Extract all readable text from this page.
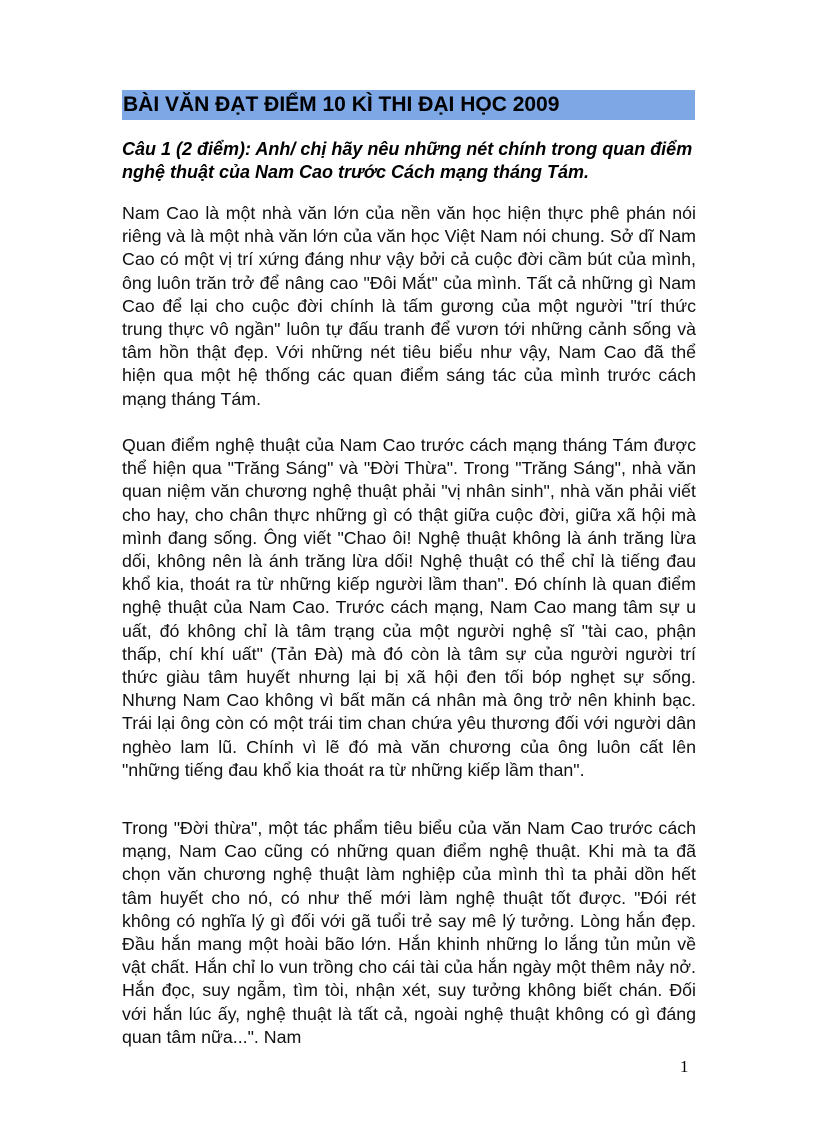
BÀI VĂN ĐẠT ĐIỂM 10 KÌ THI ĐẠI HỌC 2009
Câu 1 (2 điểm): Anh/ chị hãy nêu những nét chính trong quan điểm nghệ thuật của Nam Cao trước Cách mạng tháng Tám.
Nam Cao là một nhà văn lớn của nền văn học hiện thực phê phán nói riêng và là một nhà văn lớn của văn học Việt Nam nói chung. Sở dĩ Nam Cao có một vị trí xứng đáng như vậy bởi cả cuộc đời cầm bút của mình, ông luôn trăn trở để nâng cao "Đôi Mắt" của mình. Tất cả những gì Nam Cao để lại cho cuộc đời chính là tấm gương của một người "trí thức trung thực vô ngần" luôn tự đấu tranh để vươn tới những cảnh sống và tâm hồn thật đẹp. Với những nét tiêu biểu như vậy, Nam Cao đã thể hiện qua một hệ thống các quan điểm sáng tác của mình trước cách mạng tháng Tám.
Quan điểm nghệ thuật của Nam Cao trước cách mạng tháng Tám được thể hiện qua "Trăng Sáng" và "Đời Thừa". Trong "Trăng Sáng", nhà văn quan niệm văn chương nghệ thuật phải "vị nhân sinh", nhà văn phải viết cho hay, cho chân thực những gì có thật giữa cuộc đời, giữa xã hội mà mình đang sống. Ông viết "Chao ôi! Nghệ thuật không là ánh trăng lừa dối, không nên là ánh trăng lừa dối! Nghệ thuật có thể chỉ là tiếng đau khổ kia, thoát ra từ những kiếp người lầm than". Đó chính là quan điểm nghệ thuật của Nam Cao. Trước cách mạng, Nam Cao mang tâm sự u uất, đó không chỉ là tâm trạng của một người nghệ sĩ "tài cao, phận thấp, chí khí uất" (Tản Đà) mà đó còn là tâm sự của người người trí thức giàu tâm huyết nhưng lại bị xã hội đen tối bóp nghẹt sự sống. Nhưng Nam Cao không vì bất mãn cá nhân mà ông trở nên khinh bạc. Trái lại ông còn có một trái tim chan chứa yêu thương đối với người dân nghèo lam lũ. Chính vì lẽ đó mà văn chương của ông luôn cất lên "những tiếng đau khổ kia thoát ra từ những kiếp lầm than".
Trong "Đời thừa", một tác phẩm tiêu biểu của văn Nam Cao trước cách mạng, Nam Cao cũng có những quan điểm nghệ thuật. Khi mà ta đã chọn văn chương nghệ thuật làm nghiệp của mình thì ta phải dồn hết tâm huyết cho nó, có như thế mới làm nghệ thuật tốt được. "Đói rét không có nghĩa lý gì đối với gã tuổi trẻ say mê lý tưởng. Lòng hắn đẹp. Đầu hắn mang một hoài bão lớn. Hắn khinh những lo lắng tủn mủn về vật chất. Hắn chỉ lo vun trồng cho cái tài của hắn ngày một thêm nảy nở. Hắn đọc, suy ngẫm, tìm tòi, nhận xét, suy tưởng không biết chán. Đối với hắn lúc ấy, nghệ thuật là tất cả, ngoài nghệ thuật không có gì đáng quan tâm nữa...". Nam
1
